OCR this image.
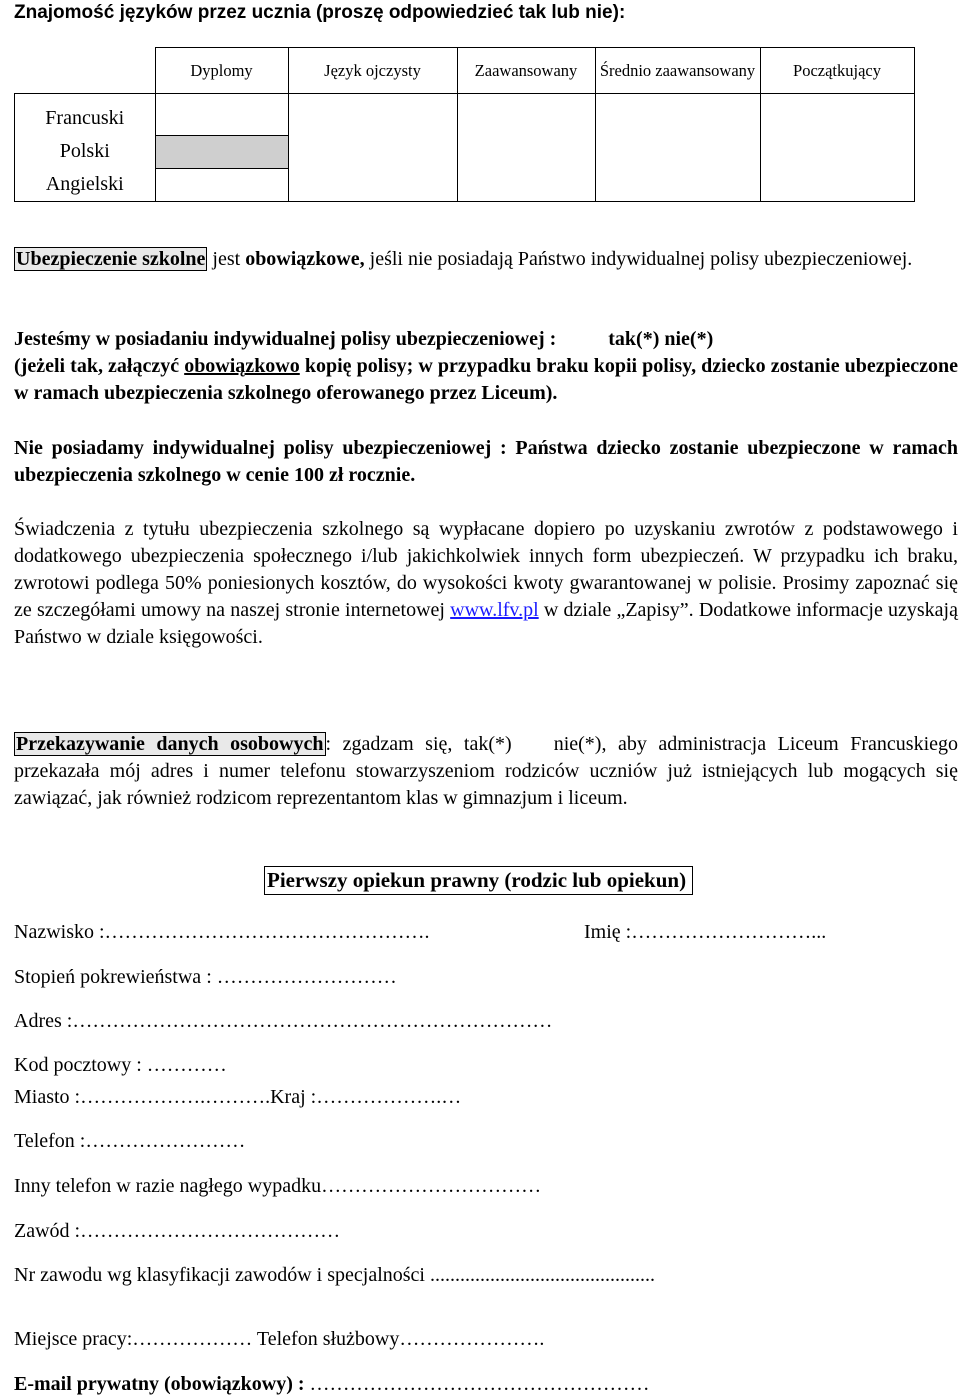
Znajomość języków przez ucznia (proszę odpowiedzieć tak lub nie):
	Dyplomy	Język ojczysty	Zaawansowany	Średnio zaawansowany	Początkujący
Francuski					
Polski					
Angielski					
Ubezpieczenie szkolne jest obowiązkowe, jeśli nie posiadają Państwo indywidualnej polisy ubezpieczeniowej.
Jesteśmy w posiadaniu indywidualnej polisy ubezpieczeniowej :	tak(*) nie(*)
(jeżeli tak, załączyć obowiązkowo kopię polisy; w przypadku braku kopii polisy, dziecko zostanie ubezpieczone w ramach ubezpieczenia szkolnego oferowanego przez Liceum).
Nie posiadamy indywidualnej polisy ubezpieczeniowej : Państwa dziecko zostanie ubezpieczone w ramach ubezpieczenia szkolnego w cenie 100 zł rocznie.
Świadczenia z tytułu ubezpieczenia szkolnego są wypłacane dopiero po uzyskaniu zwrotów z podstawowego i dodatkowego ubezpieczenia społecznego i/lub jakichkolwiek innych form ubezpieczeń. W przypadku ich braku, zwrotowi podlega 50% poniesionych kosztów, do wysokości kwoty gwarantowanej w polisie. Prosimy zapoznać się ze szczegółami umowy na naszej stronie internetowej www.lfv.pl w dziale „Zapisy”. Dodatkowe informacje uzyskają Państwo w dziale księgowości.
Przekazywanie danych osobowych : zgadzam się, tak(*) nie(*), aby administracja Liceum Francuskiego przekazała mój adres i numer telefonu stowarzyszeniom rodziców uczniów już istniejących lub mogących się zawiązać, jak również rodzicom reprezentantom klas w gimnazjum i liceum.
Pierwszy opiekun prawny (rodzic lub opiekun)
Nazwisko :………………………………………….	Imię :………………………...
Stopień pokrewieństwa : ………………………
Adres :………………………………………………………………
Kod pocztowy : …………
Miasto :……………….……….Kraj :……………….…
Telefon :……………………
Inny telefon w razie nagłego wypadku……………………………
Zawód :…………………………………
Nr zawodu wg klasyfikacji zawodów i specjalności .............................................
Miejsce pracy:……………… Telefon służbowy………………….
E-mail prywatny (obowiązkowy) : ……………………………………………
